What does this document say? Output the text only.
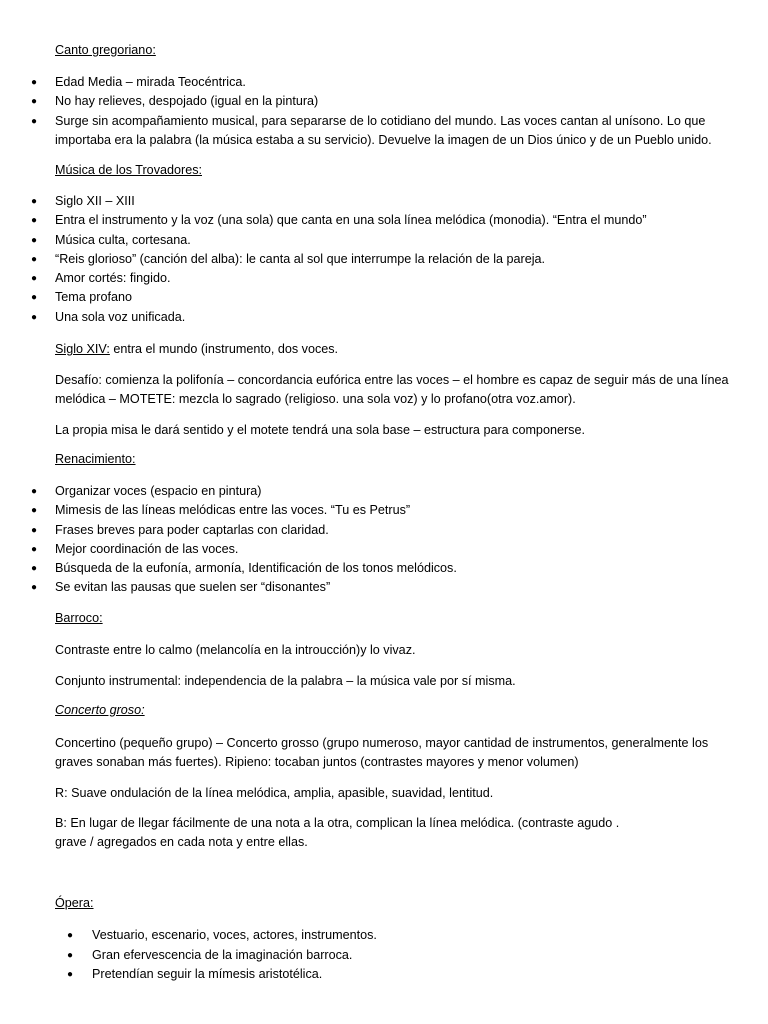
Canto gregoriano:
● Edad Media – mirada Teocéntrica.
● No hay relieves, despojado (igual en la pintura)
● Surge sin acompañamiento musical, para separarse de lo cotidiano del mundo. Las voces cantan al unísono. Lo que importaba era la palabra (la música estaba a su servicio). Devuelve la imagen de un Dios único y de un Pueblo unido.
Música de los Trovadores:
● Siglo XII – XIII
● Entra el instrumento y la voz (una sola) que canta en una sola línea melódica (monodia). “Entra el mundo”
● Música culta, cortesana.
● “Reis glorioso” (canción del alba): le canta al sol que interrumpe la relación de la pareja.
● Amor cortés: fingido.
● Tema profano
● Una sola voz unificada.
Siglo XIV: entra el mundo (instrumento, dos voces.
Desafío: comienza la polifonía – concordancia eufórica entre las voces – el hombre es capaz de seguir más de una línea melódica – MOTETE: mezcla lo sagrado (religioso. una sola voz) y lo profano(otra voz.amor).
La propia misa le dará sentido y el motete tendrá una sola base – estructura para componerse.
Renacimiento:
● Organizar voces (espacio en pintura)
● Mimesis de las líneas melódicas entre las voces. “Tu es Petrus”
● Frases breves para poder captarlas con claridad.
● Mejor coordinación de las voces.
● Búsqueda de la eufonía, armonía, Identificación de los tonos melódicos.
● Se evitan las pausas que suelen ser “disonantes”
Barroco:
Contraste entre lo calmo (melancolía en la introucción)y lo vivaz.
Conjunto instrumental: independencia de la palabra – la música vale por sí misma.
Concerto groso:
Concertino (pequeño grupo) – Concerto grosso (grupo numeroso, mayor cantidad de instrumentos, generalmente los graves sonaban más fuertes). Ripieno: tocaban juntos (contrastes mayores y menor volumen)
R: Suave ondulación de la línea melódica, amplia, apasible, suavidad, lentitud.
B: En lugar de llegar fácilmente de una nota a la otra, complican la línea melódica. (contraste agudo .
grave / agregados en cada nota y entre ellas.
Ópera:
● Vestuario, escenario, voces, actores, instrumentos.
● Gran efervescencia de la imaginación barroca.
● Pretendían seguir la mímesis aristotélica.
